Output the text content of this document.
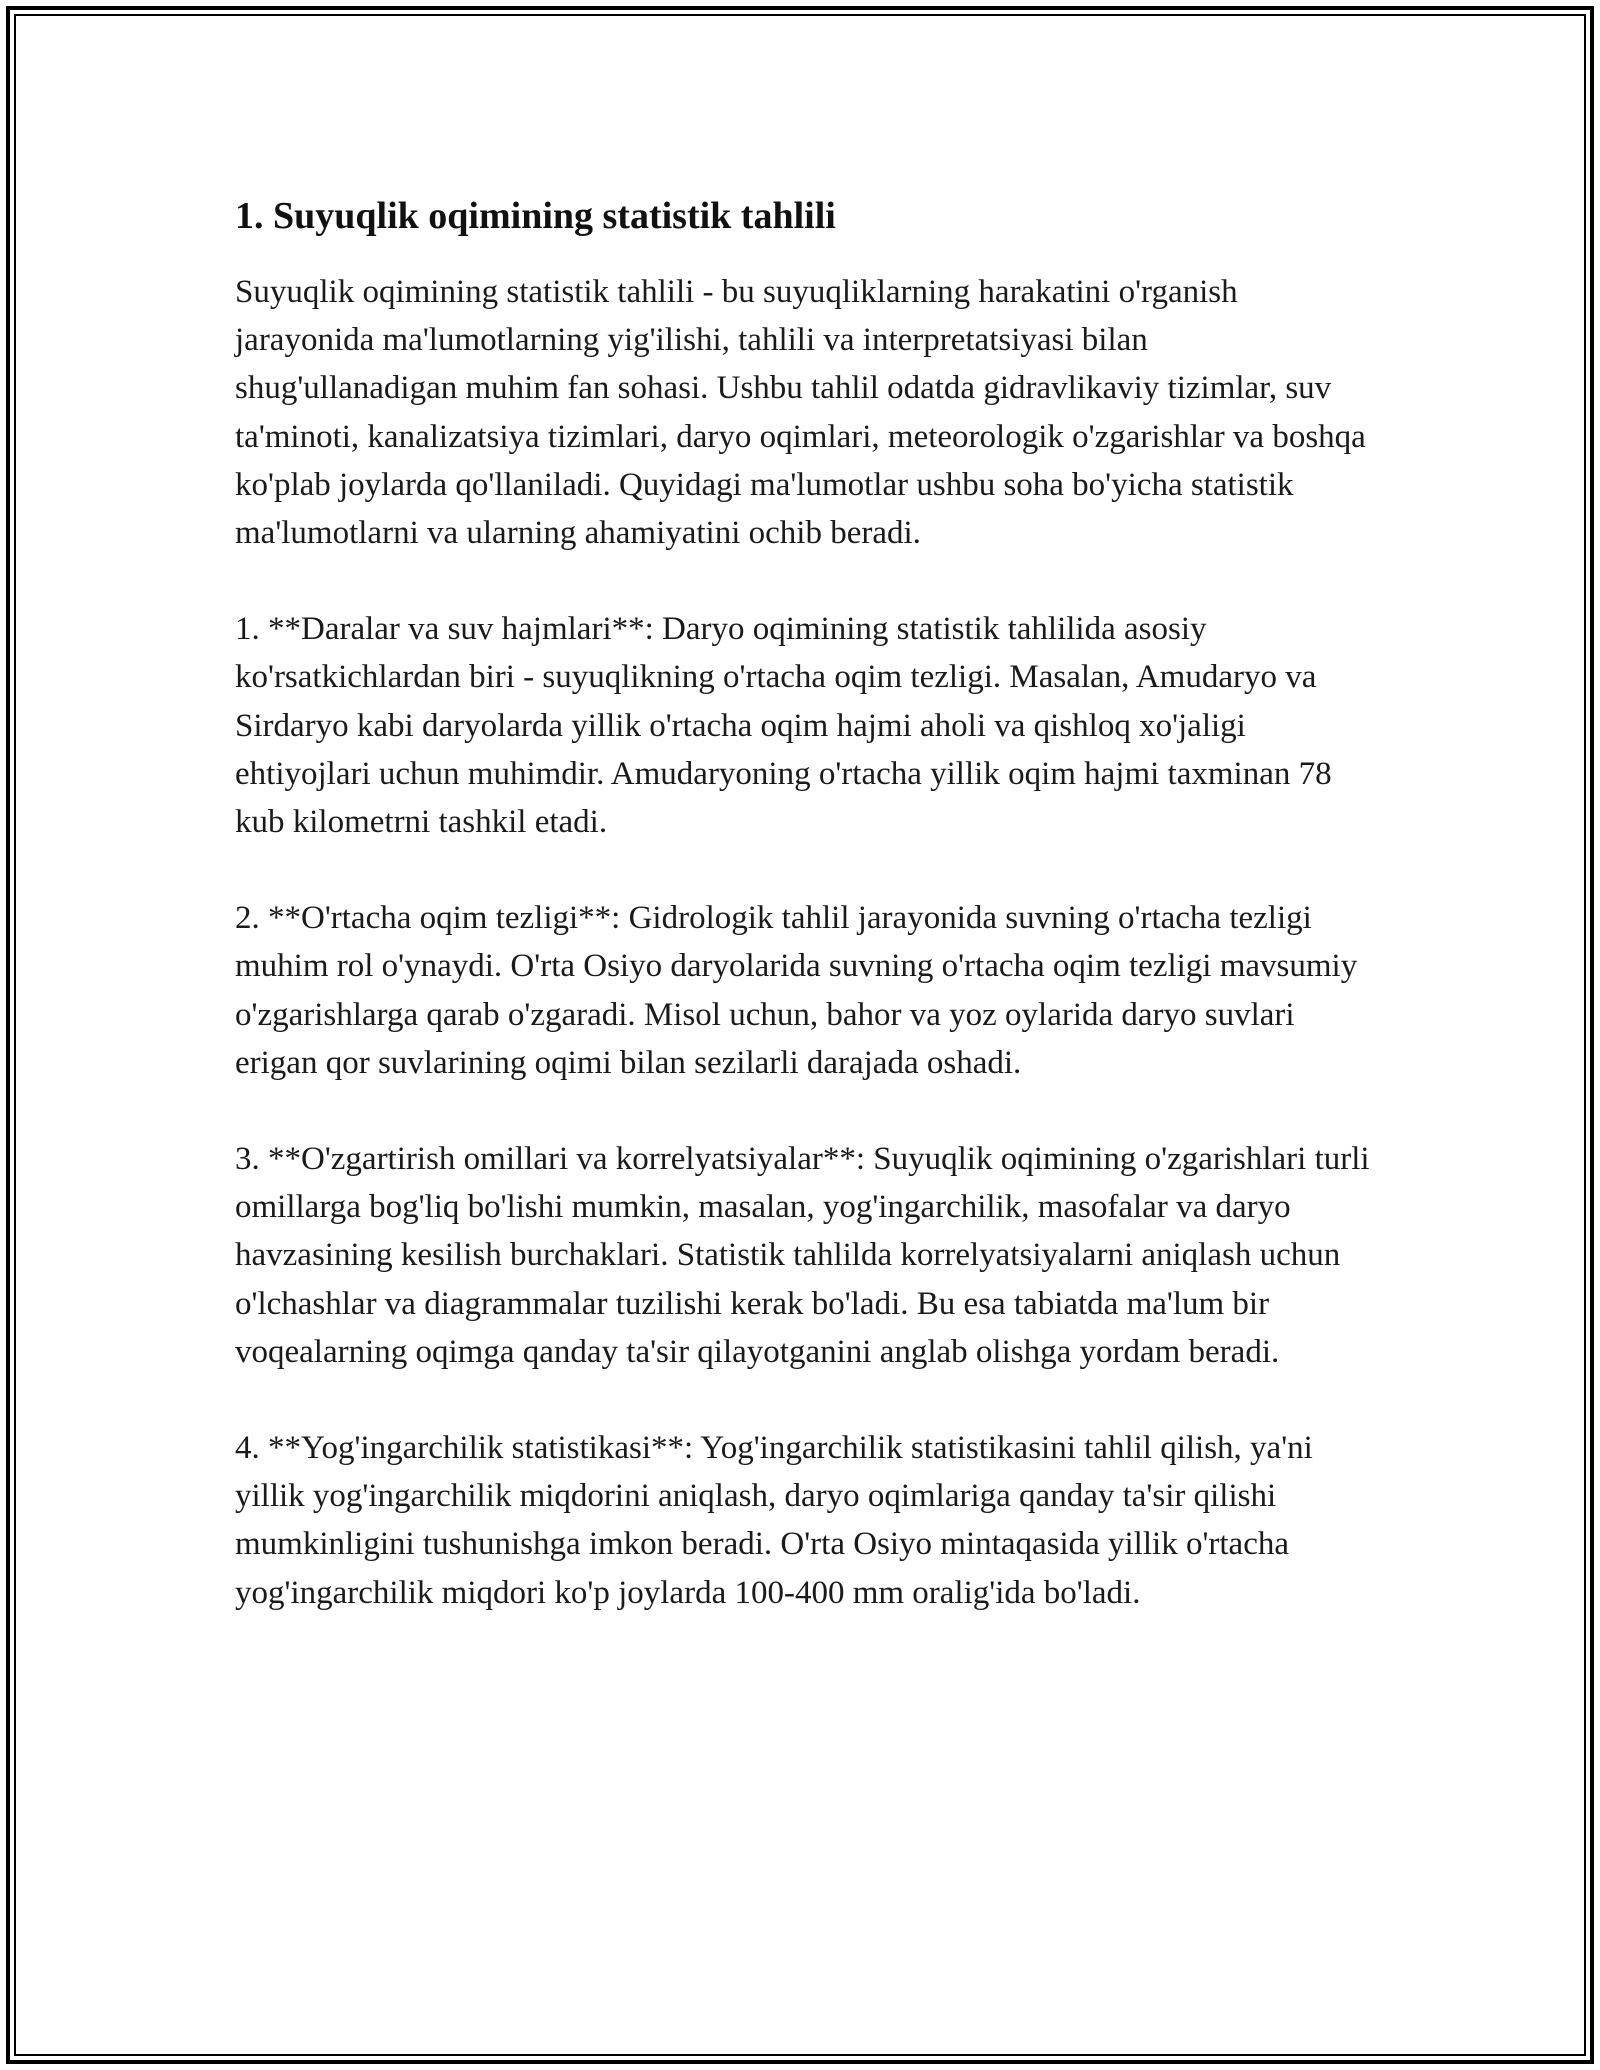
1. Suyuqlik oqimining statistik tahlili

Suyuqlik oqimining statistik tahlili - bu suyuqliklarning harakatini o'rganish jarayonida ma'lumotlarning yig'ilishi, tahlili va interpretatsiyasi bilan shug'ullanadigan muhim fan sohasi. Ushbu tahlil odatda gidravlikaviy tizimlar, suv ta'minoti, kanalizatsiya tizimlari, daryo oqimlari, meteorologik o'zgarishlar va boshqa ko'plab joylarda qo'llaniladi. Quyidagi ma'lumotlar ushbu soha bo'yicha statistik ma'lumotlarni va ularning ahamiyatini ochib beradi.

1. **Daralar va suv hajmlari**: Daryo oqimining statistik tahlilida asosiy ko'rsatkichlardan biri - suyuqlikning o'rtacha oqim tezligi. Masalan, Amudaryo va Sirdaryo kabi daryolarda yillik o'rtacha oqim hajmi aholi va qishloq xo'jaligi ehtiyojlari uchun muhimdir. Amudaryoning o'rtacha yillik oqim hajmi taxminan 78 kub kilometrni tashkil etadi.

2. **O'rtacha oqim tezligi**: Gidrologik tahlil jarayonida suvning o'rtacha tezligi muhim rol o'ynaydi. O'rta Osiyo daryolarida suvning o'rtacha oqim tezligi mavsumiy o'zgarishlarga qarab o'zgaradi. Misol uchun, bahor va yoz oylarida daryo suvlari erigan qor suvlarining oqimi bilan sezilarli darajada oshadi.

3. **O'zgartirish omillari va korrelyatsiyalar**: Suyuqlik oqimining o'zgarishlari turli omillarga bog'liq bo'lishi mumkin, masalan, yog'ingarchilik, masofalar va daryo havzasining kesilish burchaklari. Statistik tahlilda korrelyatsiyalarni aniqlash uchun o'lchashlar va diagrammalar tuzilishi kerak bo'ladi. Bu esa tabiatda ma'lum bir voqealarning oqimga qanday ta'sir qilayotganini anglab olishga yordam beradi.

4. **Yog'ingarchilik statistikasi**: Yog'ingarchilik statistikasini tahlil qilish, ya'ni yillik yog'ingarchilik miqdorini aniqlash, daryo oqimlariga qanday ta'sir qilishi mumkinligini tushunishga imkon beradi. O'rta Osiyo mintaqasida yillik o'rtacha yog'ingarchilik miqdori ko'p joylarda 100-400 mm oralig'ida bo'ladi.
